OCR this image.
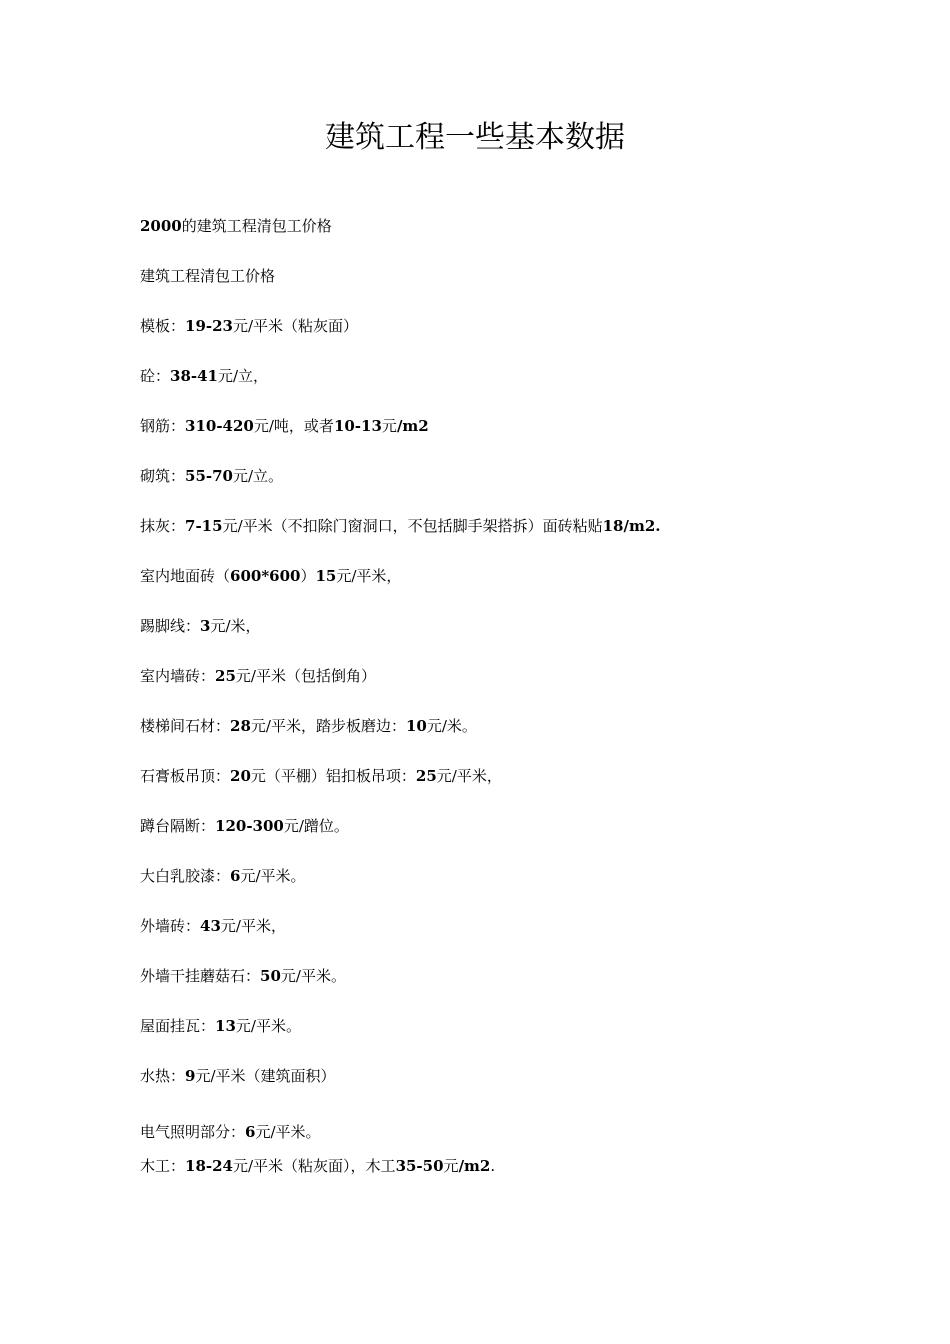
建筑工程一些基本数据

2000的建筑工程清包工价格

建筑工程清包工价格

模板：19-23元/平米（粘灰面）

砼：38-41元/立，

钢筋：310-420元/吨，或者10-13元/m2

砌筑：55-70元/立。

抹灰：7-15元/平米（不扣除门窗洞口，不包括脚手架搭拆）面砖粘贴18/m2.

室内地面砖（600*600）15元/平米，

踢脚线：3元/米，

室内墙砖：25元/平米（包括倒角）

楼梯间石材：28元/平米，踏步板磨边：10元/米。

石膏板吊顶：20元（平棚）铝扣板吊项：25元/平米，

蹲台隔断：120-300元/蹭位。

大白乳胶漆：6元/平米。

外墙砖：43元/平米，

外墙干挂蘑菇石：50元/平米。

屋面挂瓦：13元/平米。

水热：9元/平米（建筑面积）

电气照明部分：6元/平米。

木工：18-24元/平米（粘灰面），木工35-50元/m2.
